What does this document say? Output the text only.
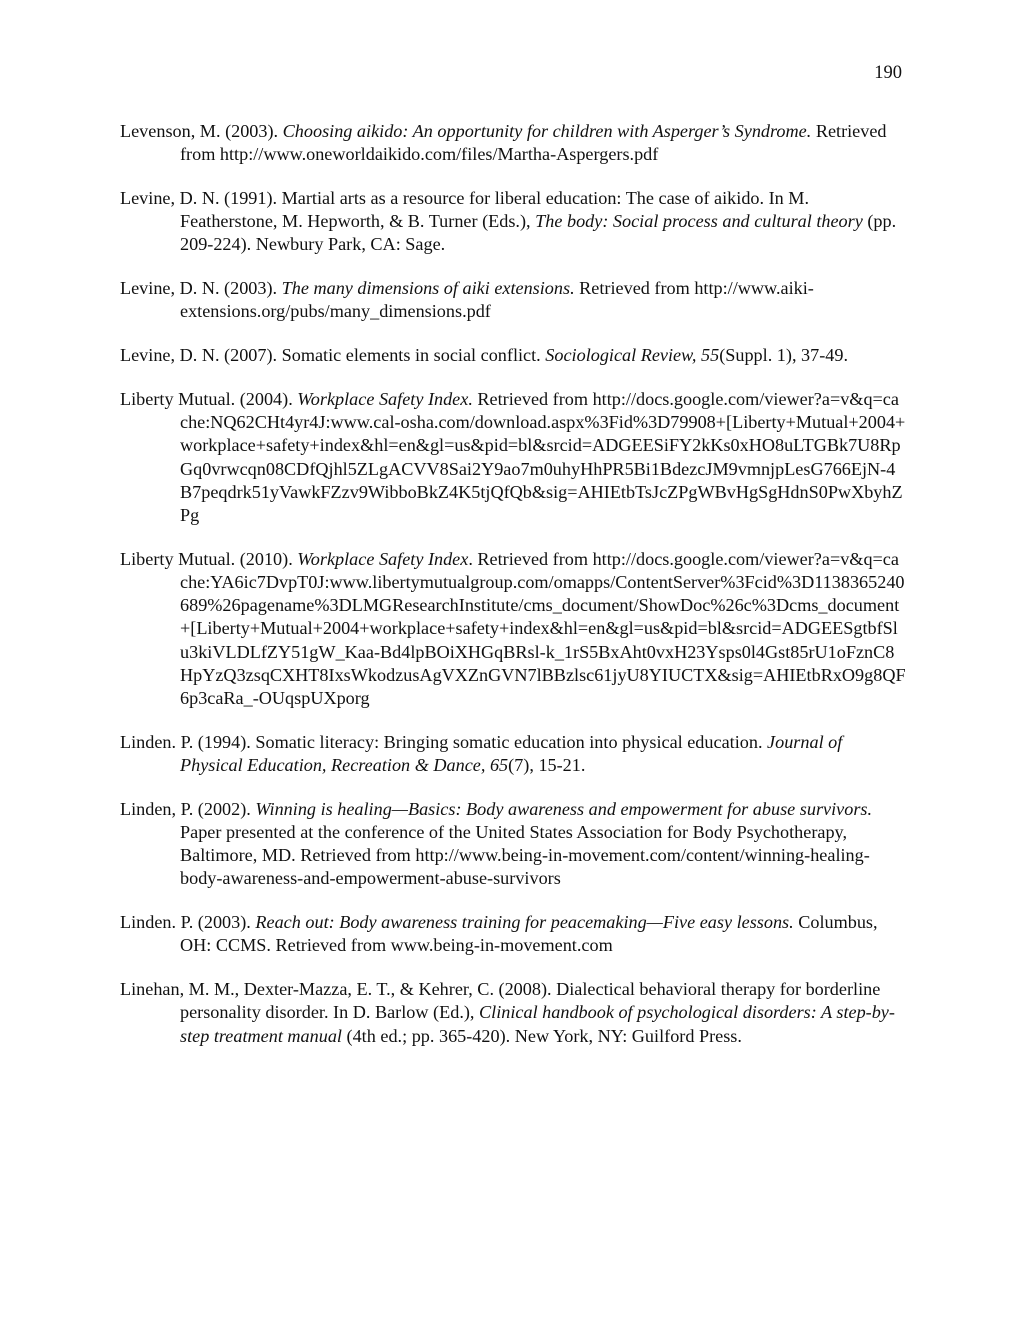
190

Levenson, M. (2003). Choosing aikido: An opportunity for children with Asperger’s Syndrome. Retrieved from http://www.oneworldaikido.com/files/Martha-Aspergers.pdf

Levine, D. N. (1991). Martial arts as a resource for liberal education: The case of aikido. In M. Featherstone, M. Hepworth, & B. Turner (Eds.), The body: Social process and cultural theory (pp. 209-224). Newbury Park, CA: Sage.

Levine, D. N. (2003). The many dimensions of aiki extensions. Retrieved from http://www.aiki-extensions.org/pubs/many_dimensions.pdf

Levine, D. N. (2007). Somatic elements in social conflict. Sociological Review, 55(Suppl. 1), 37-49.

Liberty Mutual. (2004). Workplace Safety Index. Retrieved from http://docs.google.com/viewer?a=v&q=cache:NQ62CHt4yr4J:www.cal-osha.com/download.aspx%3Fid%3D79908+[Liberty+Mutual+2004+workplace+safety+index&hl=en&gl=us&pid=bl&srcid=ADGEESiFY2kKs0xHO8uLTGBk7U8RpGq0vrwcqn08CDfQjhl5ZLgACVV8Sai2Y9ao7m0uhyHhPR5Bi1BdezcJM9vmnjpLesG766EjN-4B7peqdrk51yVawkFZzv9WibboBkZ4K5tjQfQb&sig=AHIEtbTsJcZPgWBvHgSgHdnS0PwXbyhZPg

Liberty Mutual. (2010). Workplace Safety Index. Retrieved from http://docs.google.com/viewer?a=v&q=cache:YA6ic7DvpT0J:www.libertymutualgroup.com/omapps/ContentServer%3Fcid%3D1138365240689%26pagename%3DLMGResearchInstitute/cms_document/ShowDoc%26c%3Dcms_document+[Liberty+Mutual+2004+workplace+safety+index&hl=en&gl=us&pid=bl&srcid=ADGEESgtbfSlu3kiVLDLfZY51gW_Kaa-Bd4lpBOiXHGqBRsl-k_1rS5BxAht0vxH23Ysps0l4Gst85rU1oFznC8HpYzQ3zsqCXHT8IxsWkodzusAgVXZnGVN7lBBzlsc61jyU8YIUCTX&sig=AHIEtbRxO9g8QF6p3caRa_-OUqspUXporg

Linden. P. (1994). Somatic literacy: Bringing somatic education into physical education. Journal of Physical Education, Recreation & Dance, 65(7), 15-21.

Linden, P. (2002). Winning is healing—Basics: Body awareness and empowerment for abuse survivors. Paper presented at the conference of the United States Association for Body Psychotherapy, Baltimore, MD. Retrieved from http://www.being-in-movement.com/content/winning-healing-body-awareness-and-empowerment-abuse-survivors

Linden. P. (2003). Reach out: Body awareness training for peacemaking—Five easy lessons. Columbus, OH: CCMS. Retrieved from www.being-in-movement.com

Linehan, M. M., Dexter-Mazza, E. T., & Kehrer, C. (2008). Dialectical behavioral therapy for borderline personality disorder. In D. Barlow (Ed.), Clinical handbook of psychological disorders: A step-by-step treatment manual (4th ed.; pp. 365-420). New York, NY: Guilford Press.
